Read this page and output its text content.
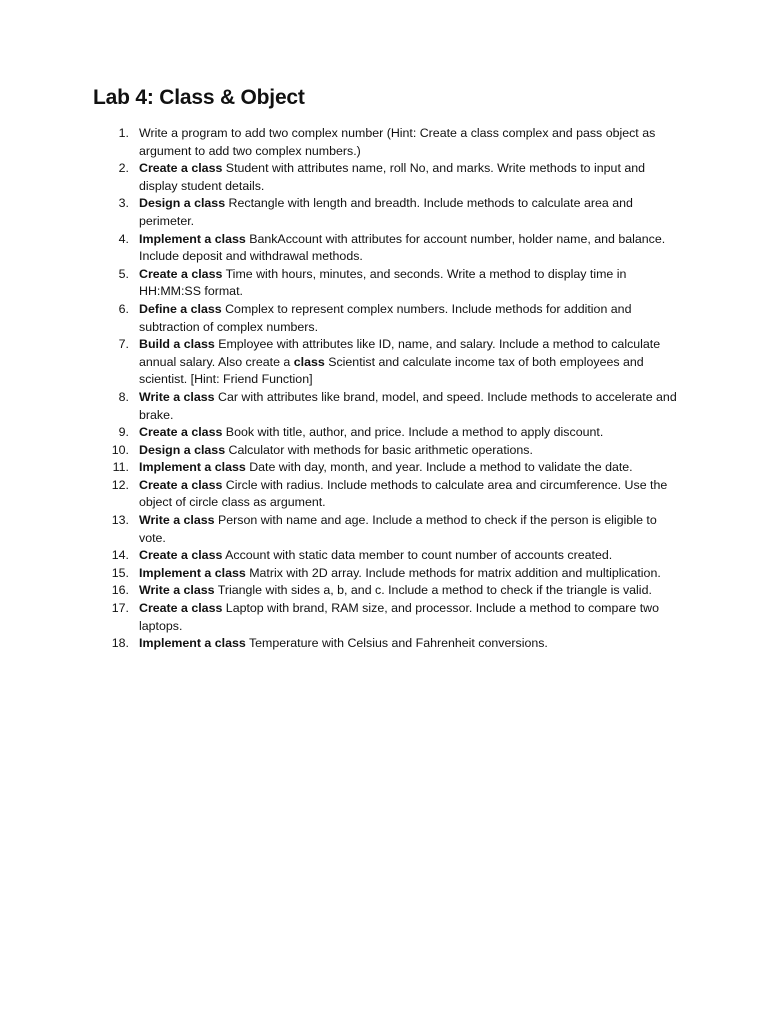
Lab 4: Class & Object
1 .	Write a program to add two complex number (Hint: Create a class complex and pass object as argument to add two complex numbers.)
2 .	Create a class Student with attributes name, roll No, and marks. Write methods to input and display student details.
3 .	Design a class Rectangle with length and breadth. Include methods to calculate area and perimeter.
4 .	Implement a class BankAccount with attributes for account number, holder name, and balance. Include deposit and withdrawal methods.
5 .	Create a class Time with hours, minutes, and seconds. Write a method to display time in HH:MM:SS format.
6 .	Define a class Complex to represent complex numbers. Include methods for addition and subtraction of complex numbers.
7 .	Build a class Employee with attributes like ID, name, and salary. Include a method to calculate annual salary. Also create a class Scientist and calculate income tax of both employees and scientist. [Hint: Friend Function]
8 .	Write a class Car with attributes like brand, model, and speed. Include methods to accelerate and brake.
9 .	Create a class Book with title, author, and price. Include a method to apply discount.
10 .	Design a class Calculator with methods for basic arithmetic operations.
11 .	Implement a class Date with day, month, and year. Include a method to validate the date.
12 .	Create a class Circle with radius. Include methods to calculate area and circumference. Use the object of circle class as argument.
13 .	Write a class Person with name and age. Include a method to check if the person is eligible to vote.
14 .	Create a class Account with static data member to count number of accounts created.
15 .	Implement a class Matrix with 2D array. Include methods for matrix addition and multiplication.
16 .	Write a class Triangle with sides a, b, and c. Include a method to check if the triangle is valid.
17 .	Create a class Laptop with brand, RAM size, and processor. Include a method to compare two laptops.
18 .	Implement a class Temperature with Celsius and Fahrenheit conversions.
